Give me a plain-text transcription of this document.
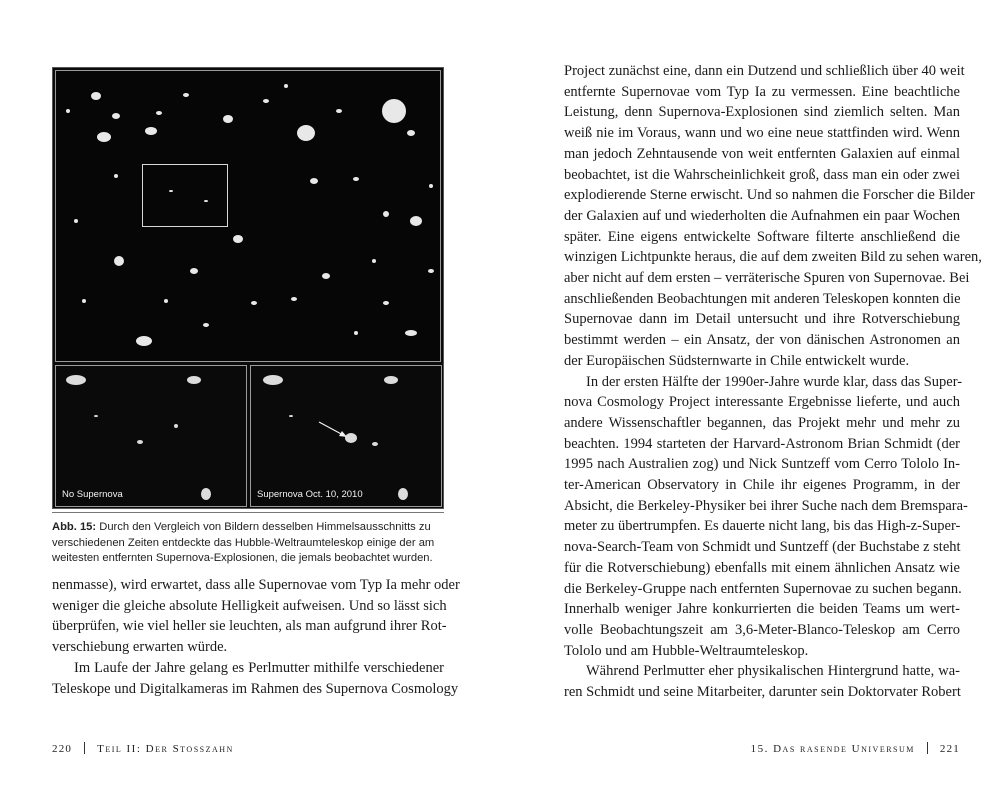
No Supernova	Supernova Oct. 10, 2010

Abb. 15: Durch den Vergleich von Bildern desselben Himmelsausschnitts zu verschiedenen Zeiten entdeckte das Hubble-Weltraumteleskop einige der am weitesten entfernten Supernova-Explosionen, die jemals beobachtet wurden.

nenmasse), wird erwartet, dass alle Supernovae vom Typ Ia mehr oder
weniger die gleiche absolute Helligkeit aufweisen. Und so lässt sich
überprüfen, wie viel heller sie leuchten, als man aufgrund ihrer Rot-
verschiebung erwarten würde.
Im Laufe der Jahre gelang es Perlmutter mithilfe verschiedener
Teleskope und Digitalkameras im Rahmen des Supernova Cosmology
220 Teil II: Der Stosszahn
Project zunächst eine, dann ein Dutzend und schließlich über 40 weit
entfernte Supernovae vom Typ Ia zu vermessen. Eine beachtliche
Leistung, denn Supernova-Explosionen sind ziemlich selten. Man
weiß nie im Voraus, wann und wo eine neue stattfinden wird. Wenn
man jedoch Zehntausende von weit entfernten Galaxien auf einmal
beobachtet, ist die Wahrscheinlichkeit groß, dass man ein oder zwei
explodierende Sterne erwischt. Und so nahmen die Forscher die Bilder
der Galaxien auf und wiederholten die Aufnahmen ein paar Wochen
später. Eine eigens entwickelte Software filterte anschließend die
winzigen Lichtpunkte heraus, die auf dem zweiten Bild zu sehen waren,
aber nicht auf dem ersten – verräterische Spuren von Supernovae. Bei
anschließenden Beobachtungen mit anderen Teleskopen konnten die
Supernovae dann im Detail untersucht und ihre Rotverschiebung
bestimmt werden – ein Ansatz, der von dänischen Astronomen an
der Europäischen Südsternwarte in Chile entwickelt wurde.
In der ersten Hälfte der 1990er-Jahre wurde klar, dass das Super-
nova Cosmology Project interessante Ergebnisse lieferte, und auch
andere Wissenschaftler begannen, das Projekt mehr und mehr zu
beachten. 1994 starteten der Harvard-Astronom Brian Schmidt (der
1995 nach Australien zog) und Nick Suntzeff vom Cerro Tololo In-
ter-American Observatory in Chile ihr eigenes Programm, in der
Absicht, die Berkeley-Physiker bei ihrer Suche nach dem Bremspara-
meter zu übertrumpfen. Es dauerte nicht lang, bis das High-z-Super-
nova-Search-Team von Schmidt und Suntzeff (der Buchstabe z steht
für die Rotverschiebung) ebenfalls mit einem ähnlichen Ansatz wie
die Berkeley-Gruppe nach entfernten Supernovae zu suchen begann.
Innerhalb weniger Jahre konkurrierten die beiden Teams um wert-
volle Beobachtungszeit am 3,6-Meter-Blanco-Teleskop am Cerro
Tololo und am Hubble-Weltraumteleskop.
Während Perlmutter eher physikalischen Hintergrund hatte, wa-
ren Schmidt und seine Mitarbeiter, darunter sein Doktorvater Robert
15. Das rasende Universum 221
